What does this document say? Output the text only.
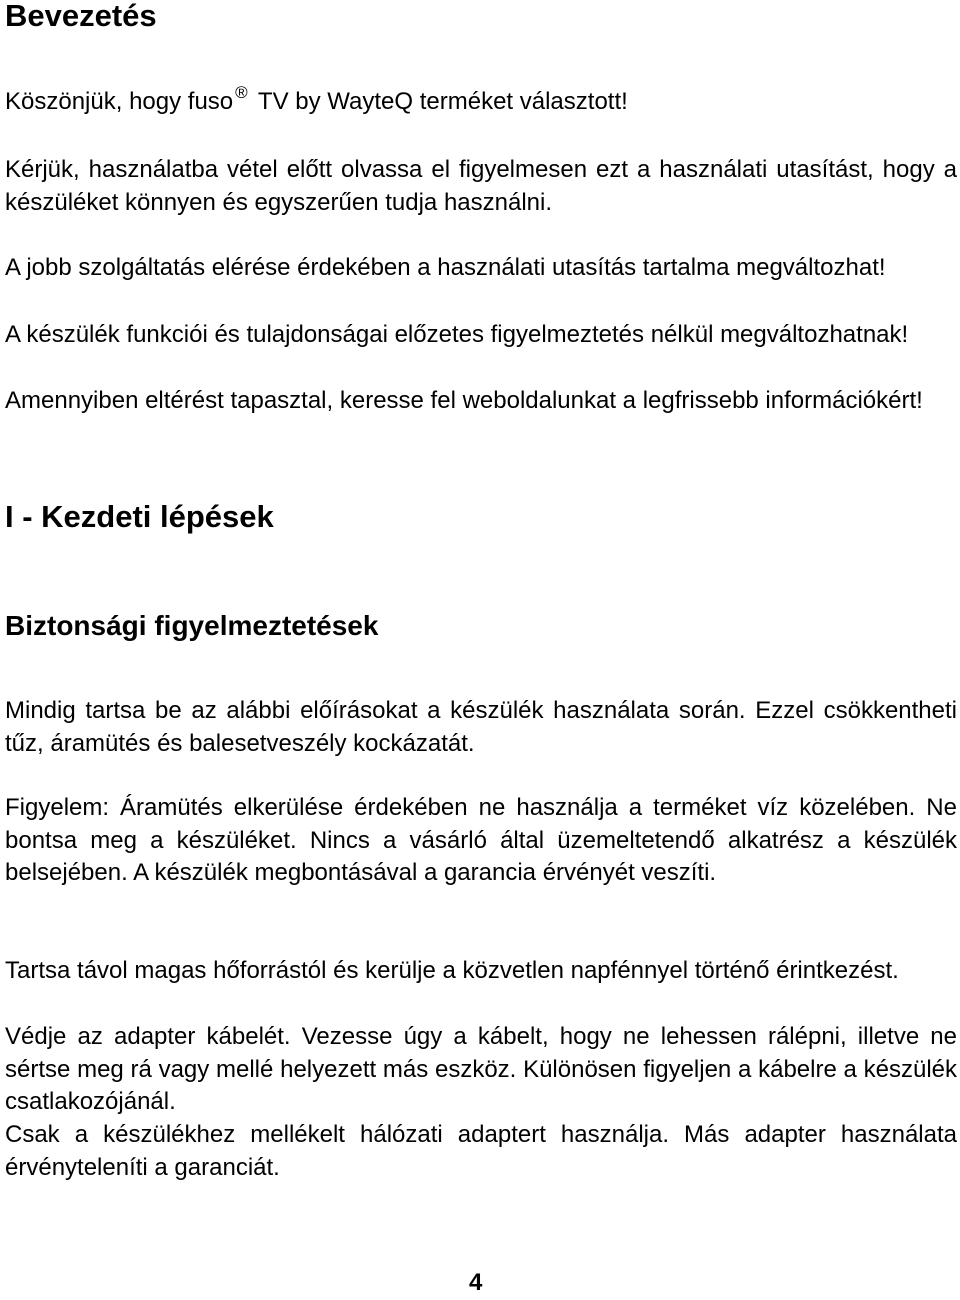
Bevezetés

Köszönjük, hogy fuso ® TV by WayteQ terméket választott!

Kérjük, használatba vétel előtt olvassa el figyelmesen ezt a használati utasítást, hogy a készüléket könnyen és egyszerűen tudja használni.

A jobb szolgáltatás elérése érdekében a használati utasítás tartalma megváltozhat!

A készülék funkciói és tulajdonságai előzetes figyelmeztetés nélkül megváltozhatnak!

Amennyiben eltérést tapasztal, keresse fel weboldalunkat a legfrissebb információkért!

I - Kezdeti lépések
Biztonsági figyelmeztetések

Mindig tartsa be az alábbi előírásokat a készülék használata során. Ezzel csökkentheti tűz, áramütés és balesetveszély kockázatát.

Figyelem: Áramütés elkerülése érdekében ne használja a terméket víz közelében. Ne bontsa meg a készüléket. Nincs a vásárló által üzemeltetendő alkatrész a készülék belsejében. A készülék megbontásával a garancia érvényét veszíti.

Tartsa távol magas hőforrástól és kerülje a közvetlen napfénnyel történő érintkezést.

Védje az adapter kábelét. Vezesse úgy a kábelt, hogy ne lehessen rálépni, illetve ne sértse meg rá vagy mellé helyezett más eszköz. Különösen figyeljen a kábelre a készülék csatlakozójánál.

Csak a készülékhez mellékelt hálózati adaptert használja. Más adapter használata érvényteleníti a garanciát.

4
